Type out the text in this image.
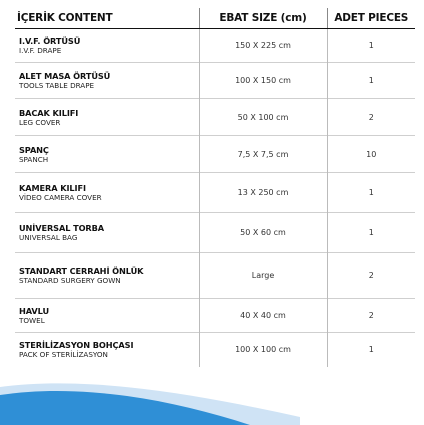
İÇERİK CONTENT	EBAT SIZE (cm)	ADET PIECES

I.V.F. ÖRTÜSÜ
I.V.F. DRAPE	150 X 225 cm	1

ALET MASA ÖRTÜSÜ
TOOLS TABLE DRAPE	100 X 150 cm	1

BACAK KILIFI
LEG COVER	50 X 100 cm	2

SPANÇ
SPANCH	7,5 X 7,5 cm	10

KAMERA KILIFI
VİDEO CAMERA COVER	13 X 250 cm	1

UNİVERSAL TORBA
UNIVERSAL BAG	50 X 60 cm	1

STANDART CERRAHİ ÖNLÜK
STANDARD SURGERY GOWN	Large	2

HAVLU
TOWEL	40 X 40 cm	2

STERİLİZASYON BOHÇASI
PACK OF STERİLİZASYON	100 X 100 cm	1
